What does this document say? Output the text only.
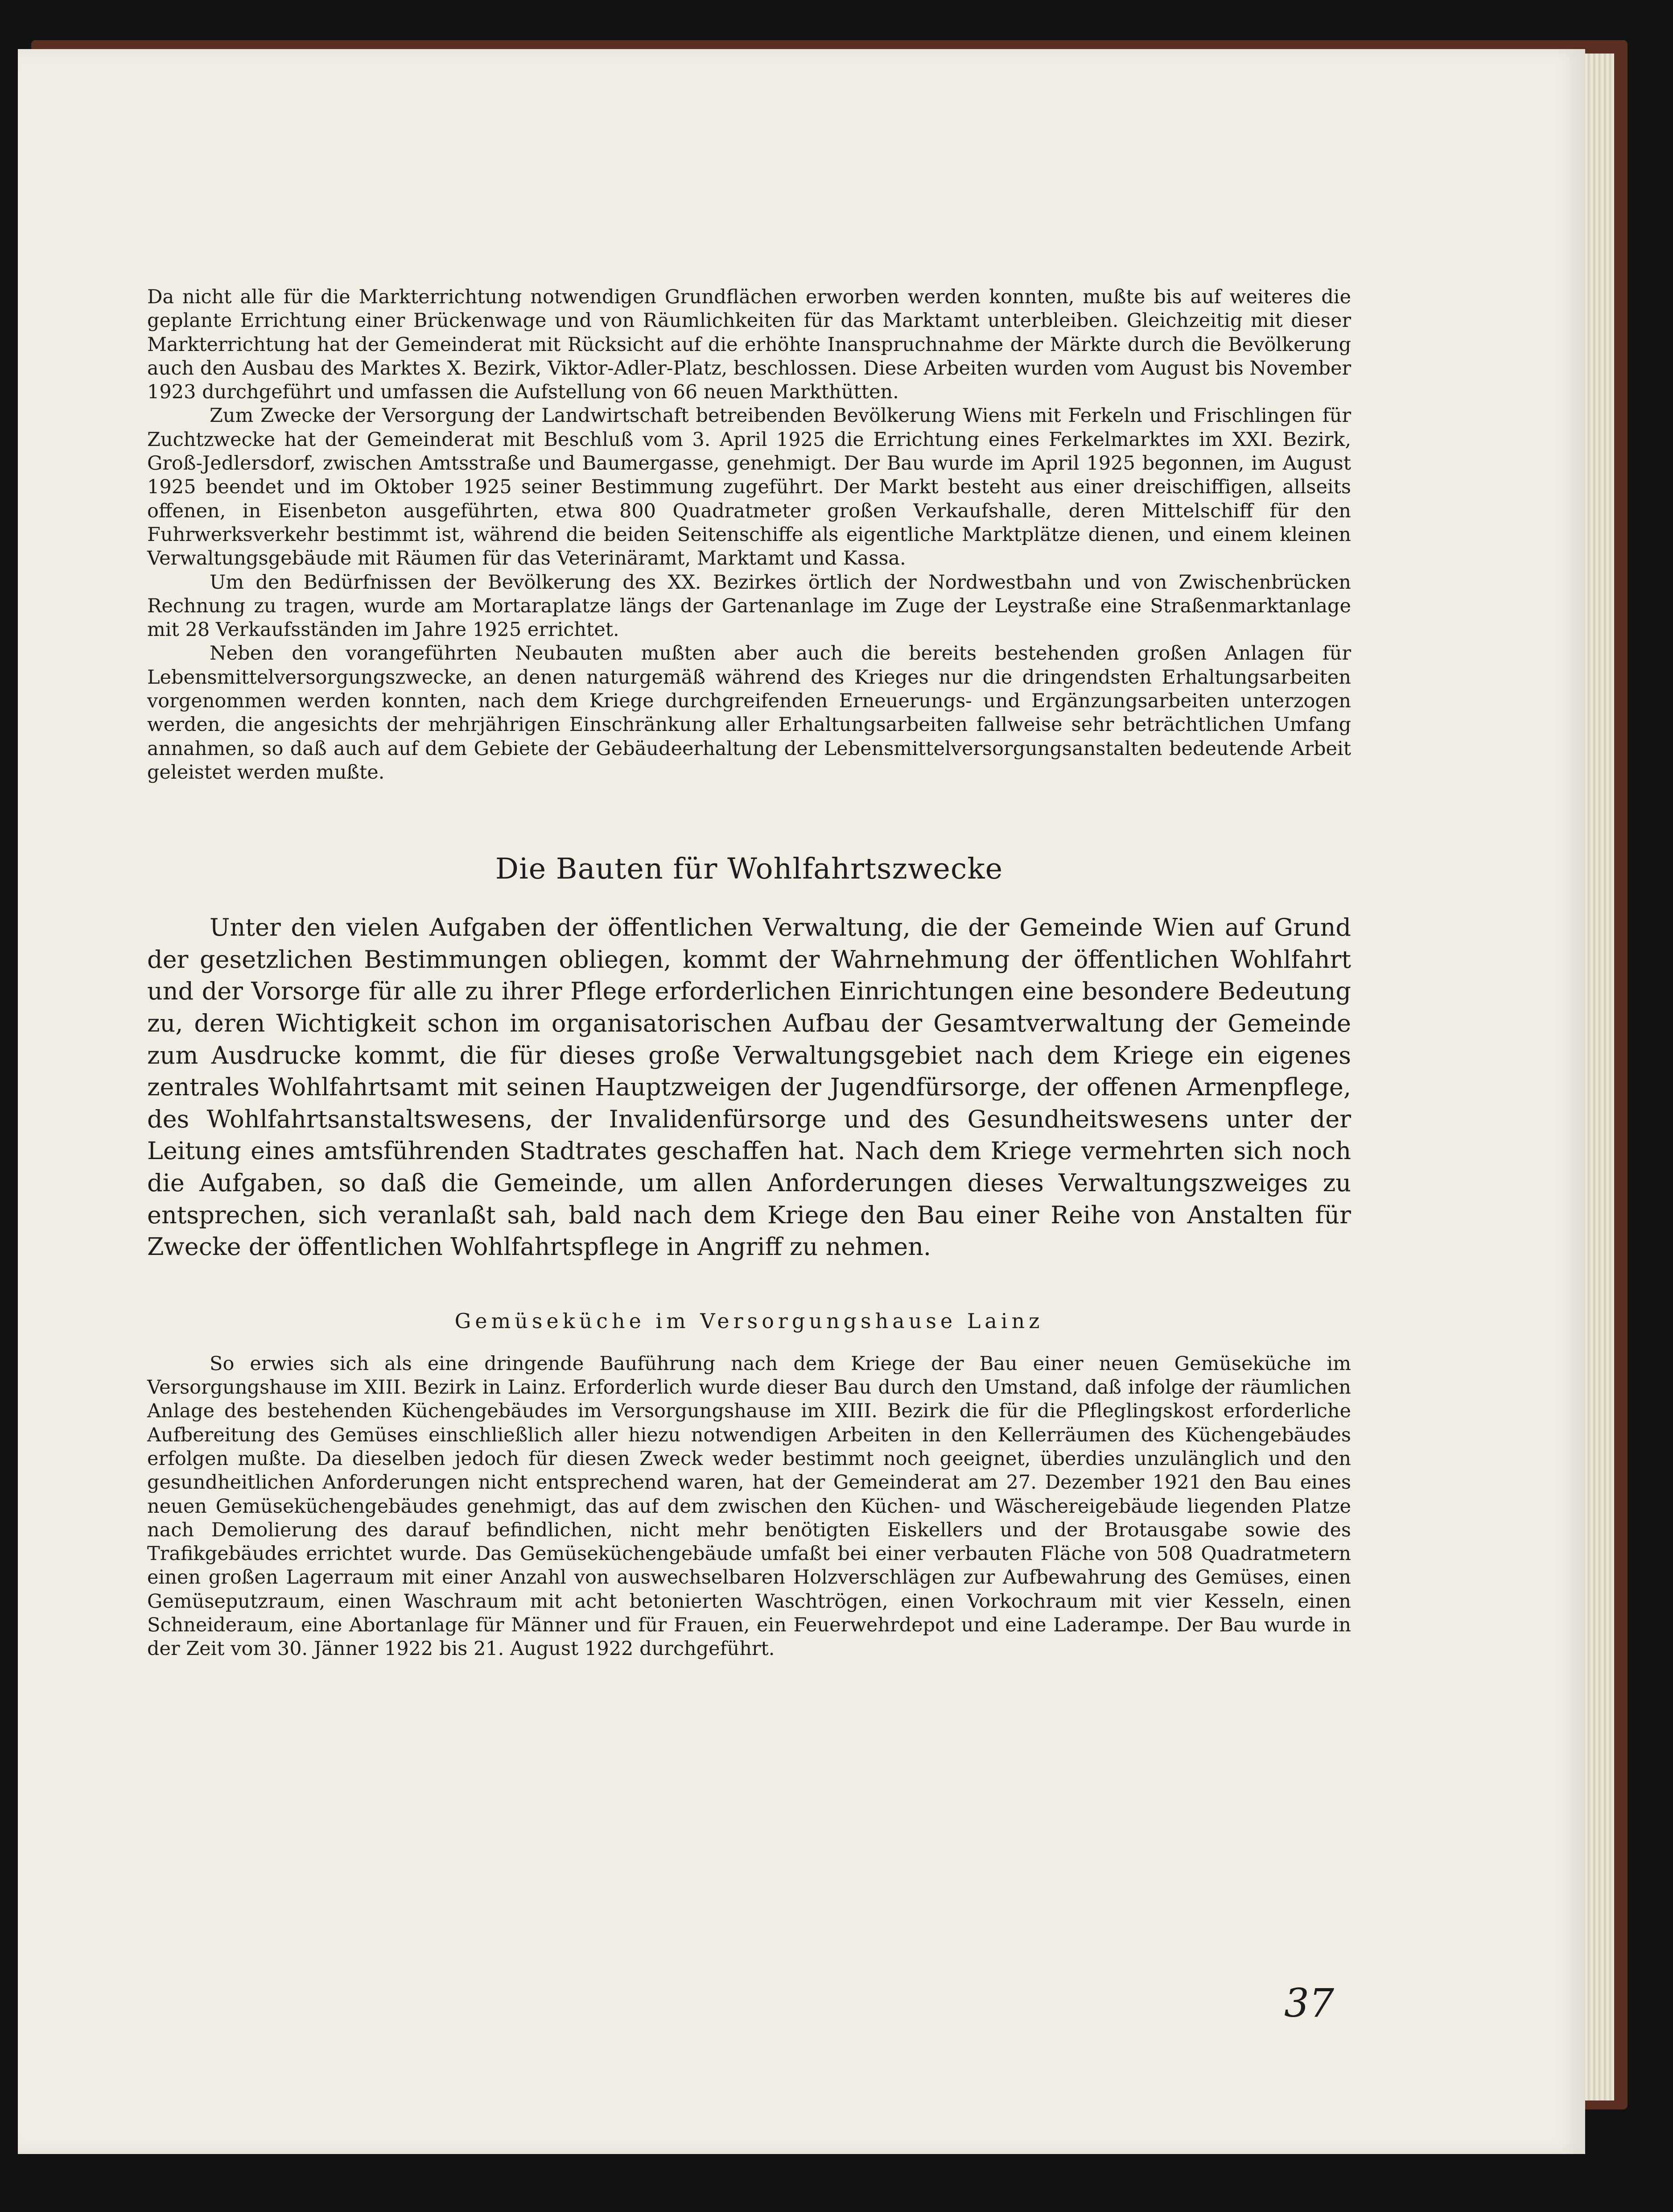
Da nicht alle für die Markterrichtung notwendigen Grundflächen erworben werden konnten, mußte bis auf weiteres die geplante Errichtung einer Brückenwage und von Räumlichkeiten für das Marktamt unterbleiben. Gleichzeitig mit dieser Markterrichtung hat der Gemeinderat mit Rücksicht auf die erhöhte Inanspruchnahme der Märkte durch die Bevölkerung auch den Ausbau des Marktes X. Bezirk, Viktor-Adler-Platz, beschlossen. Diese Arbeiten wurden vom August bis November 1923 durchgeführt und umfassen die Aufstellung von 66 neuen Markthütten.

Zum Zwecke der Versorgung der Landwirtschaft betreibenden Bevölkerung Wiens mit Ferkeln und Frischlingen für Zuchtzwecke hat der Gemeinderat mit Beschluß vom 3. April 1925 die Errichtung eines Ferkelmarktes im XXI. Bezirk, Groß-Jedlersdorf, zwischen Amtsstraße und Baumergasse, genehmigt. Der Bau wurde im April 1925 begonnen, im August 1925 beendet und im Oktober 1925 seiner Bestimmung zugeführt. Der Markt besteht aus einer dreischiffigen, allseits offenen, in Eisenbeton ausgeführten, etwa 800 Quadratmeter großen Verkaufshalle, deren Mittelschiff für den Fuhrwerksverkehr bestimmt ist, während die beiden Seitenschiffe als eigentliche Marktplätze dienen, und einem kleinen Verwaltungsgebäude mit Räumen für das Veterinäramt, Marktamt und Kassa.

Um den Bedürfnissen der Bevölkerung des XX. Bezirkes örtlich der Nordwestbahn und von Zwischenbrücken Rechnung zu tragen, wurde am Mortaraplatze längs der Gartenanlage im Zuge der Leystraße eine Straßenmarktanlage mit 28 Verkaufsständen im Jahre 1925 errichtet.

Neben den vorangeführten Neubauten mußten aber auch die bereits bestehenden großen Anlagen für Lebensmittelversorgungszwecke, an denen naturgemäß während des Krieges nur die dringendsten Erhaltungsarbeiten vorgenommen werden konnten, nach dem Kriege durchgreifenden Erneuerungs- und Ergänzungsarbeiten unterzogen werden, die angesichts der mehrjährigen Einschränkung aller Erhaltungsarbeiten fallweise sehr beträchtlichen Umfang annahmen, so daß auch auf dem Gebiete der Gebäudeerhaltung der Lebensmittelversorgungsanstalten bedeutende Arbeit geleistet werden mußte.

Die Bauten für Wohlfahrtszwecke

Unter den vielen Aufgaben der öffentlichen Verwaltung, die der Gemeinde Wien auf Grund der gesetzlichen Bestimmungen obliegen, kommt der Wahrnehmung der öffentlichen Wohlfahrt und der Vorsorge für alle zu ihrer Pflege erforderlichen Einrichtungen eine besondere Bedeutung zu, deren Wichtigkeit schon im organisatorischen Aufbau der Gesamtverwaltung der Gemeinde zum Ausdrucke kommt, die für dieses große Verwaltungsgebiet nach dem Kriege ein eigenes zentrales Wohlfahrtsamt mit seinen Hauptzweigen der Jugendfürsorge, der offenen Armenpflege, des Wohlfahrtsanstaltswesens, der Invalidenfürsorge und des Gesundheitswesens unter der Leitung eines amtsführenden Stadtrates geschaffen hat. Nach dem Kriege vermehrten sich noch die Aufgaben, so daß die Gemeinde, um allen Anforderungen dieses Verwaltungszweiges zu entsprechen, sich veranlaßt sah, bald nach dem Kriege den Bau einer Reihe von Anstalten für Zwecke der öffentlichen Wohlfahrtspflege in Angriff zu nehmen.

Gemüseküche im Versorgungshause Lainz

So erwies sich als eine dringende Bauführung nach dem Kriege der Bau einer neuen Gemüseküche im Versorgungshause im XIII. Bezirk in Lainz. Erforderlich wurde dieser Bau durch den Umstand, daß infolge der räumlichen Anlage des bestehenden Küchengebäudes im Versorgungshause im XIII. Bezirk die für die Pfleglingskost erforderliche Aufbereitung des Gemüses einschließlich aller hiezu notwendigen Arbeiten in den Kellerräumen des Küchengebäudes erfolgen mußte. Da dieselben jedoch für diesen Zweck weder bestimmt noch geeignet, überdies unzulänglich und den gesundheitlichen Anforderungen nicht entsprechend waren, hat der Gemeinderat am 27. Dezember 1921 den Bau eines neuen Gemüseküchengebäudes genehmigt, das auf dem zwischen den Küchen- und Wäschereigebäude liegenden Platze nach Demolierung des darauf befindlichen, nicht mehr benötigten Eiskellers und der Brotausgabe sowie des Trafikgebäudes errichtet wurde. Das Gemüseküchengebäude umfaßt bei einer verbauten Fläche von 508 Quadratmetern einen großen Lagerraum mit einer Anzahl von auswechselbaren Holzverschlägen zur Aufbewahrung des Gemüses, einen Gemüseputzraum, einen Waschraum mit acht betonierten Waschtrögen, einen Vorkochraum mit vier Kesseln, einen Schneideraum, eine Abortanlage für Männer und für Frauen, ein Feuerwehrdepot und eine Laderampe. Der Bau wurde in der Zeit vom 30. Jänner 1922 bis 21. August 1922 durchgeführt.

37
